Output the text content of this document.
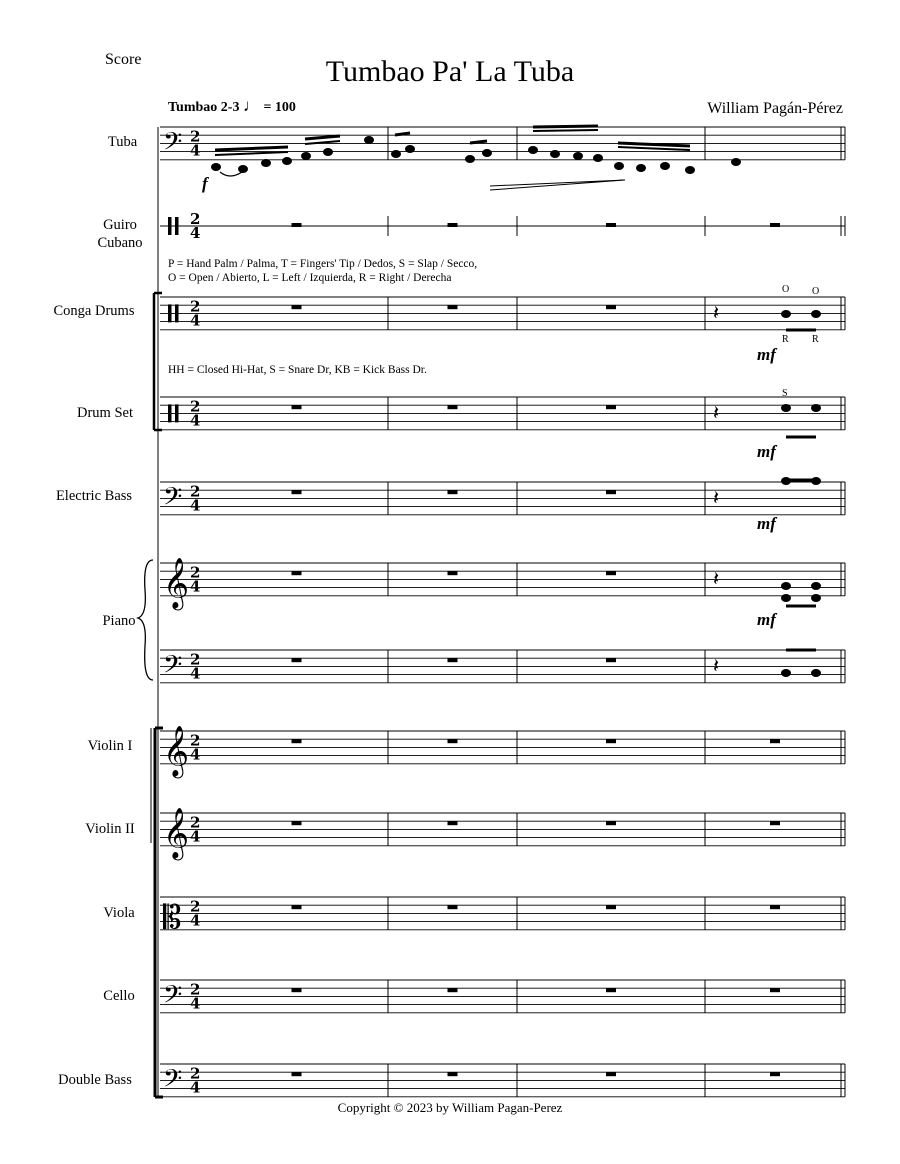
Score	Tumbao Pa' La Tuba
William Pagán-Pérez
Tumbao 2-3 ♩ = 100
Tuba
Guiro
Cubano
Conga Drums
Drum Set
Electric Bass
Piano
Violin I
Violin II
Viola
Cello
Double Bass
P = Hand Palm / Palma, T = Fingers' Tip / Dedos, S = Slap / Secco,
O = Open / Abierto, L = Left / Izquierda, R = Right / Derecha
HH = Closed Hi-Hat, S = Snare Dr, KB = Kick Bass Dr.
Copyright © 2023 by William Pagan-Perez
𝄢 2
4
2
4
2
4	𝄽
2
4	𝄽
𝄢 2
4	𝄽
𝄞 2
4	𝄽
𝄢 2
4	𝄽
𝄞 2
4
𝄞 2
4
𝄡 2
4
𝄢 2
4
𝄢 2
4
f
mf
mf
mf
mf
O O
R R
S
